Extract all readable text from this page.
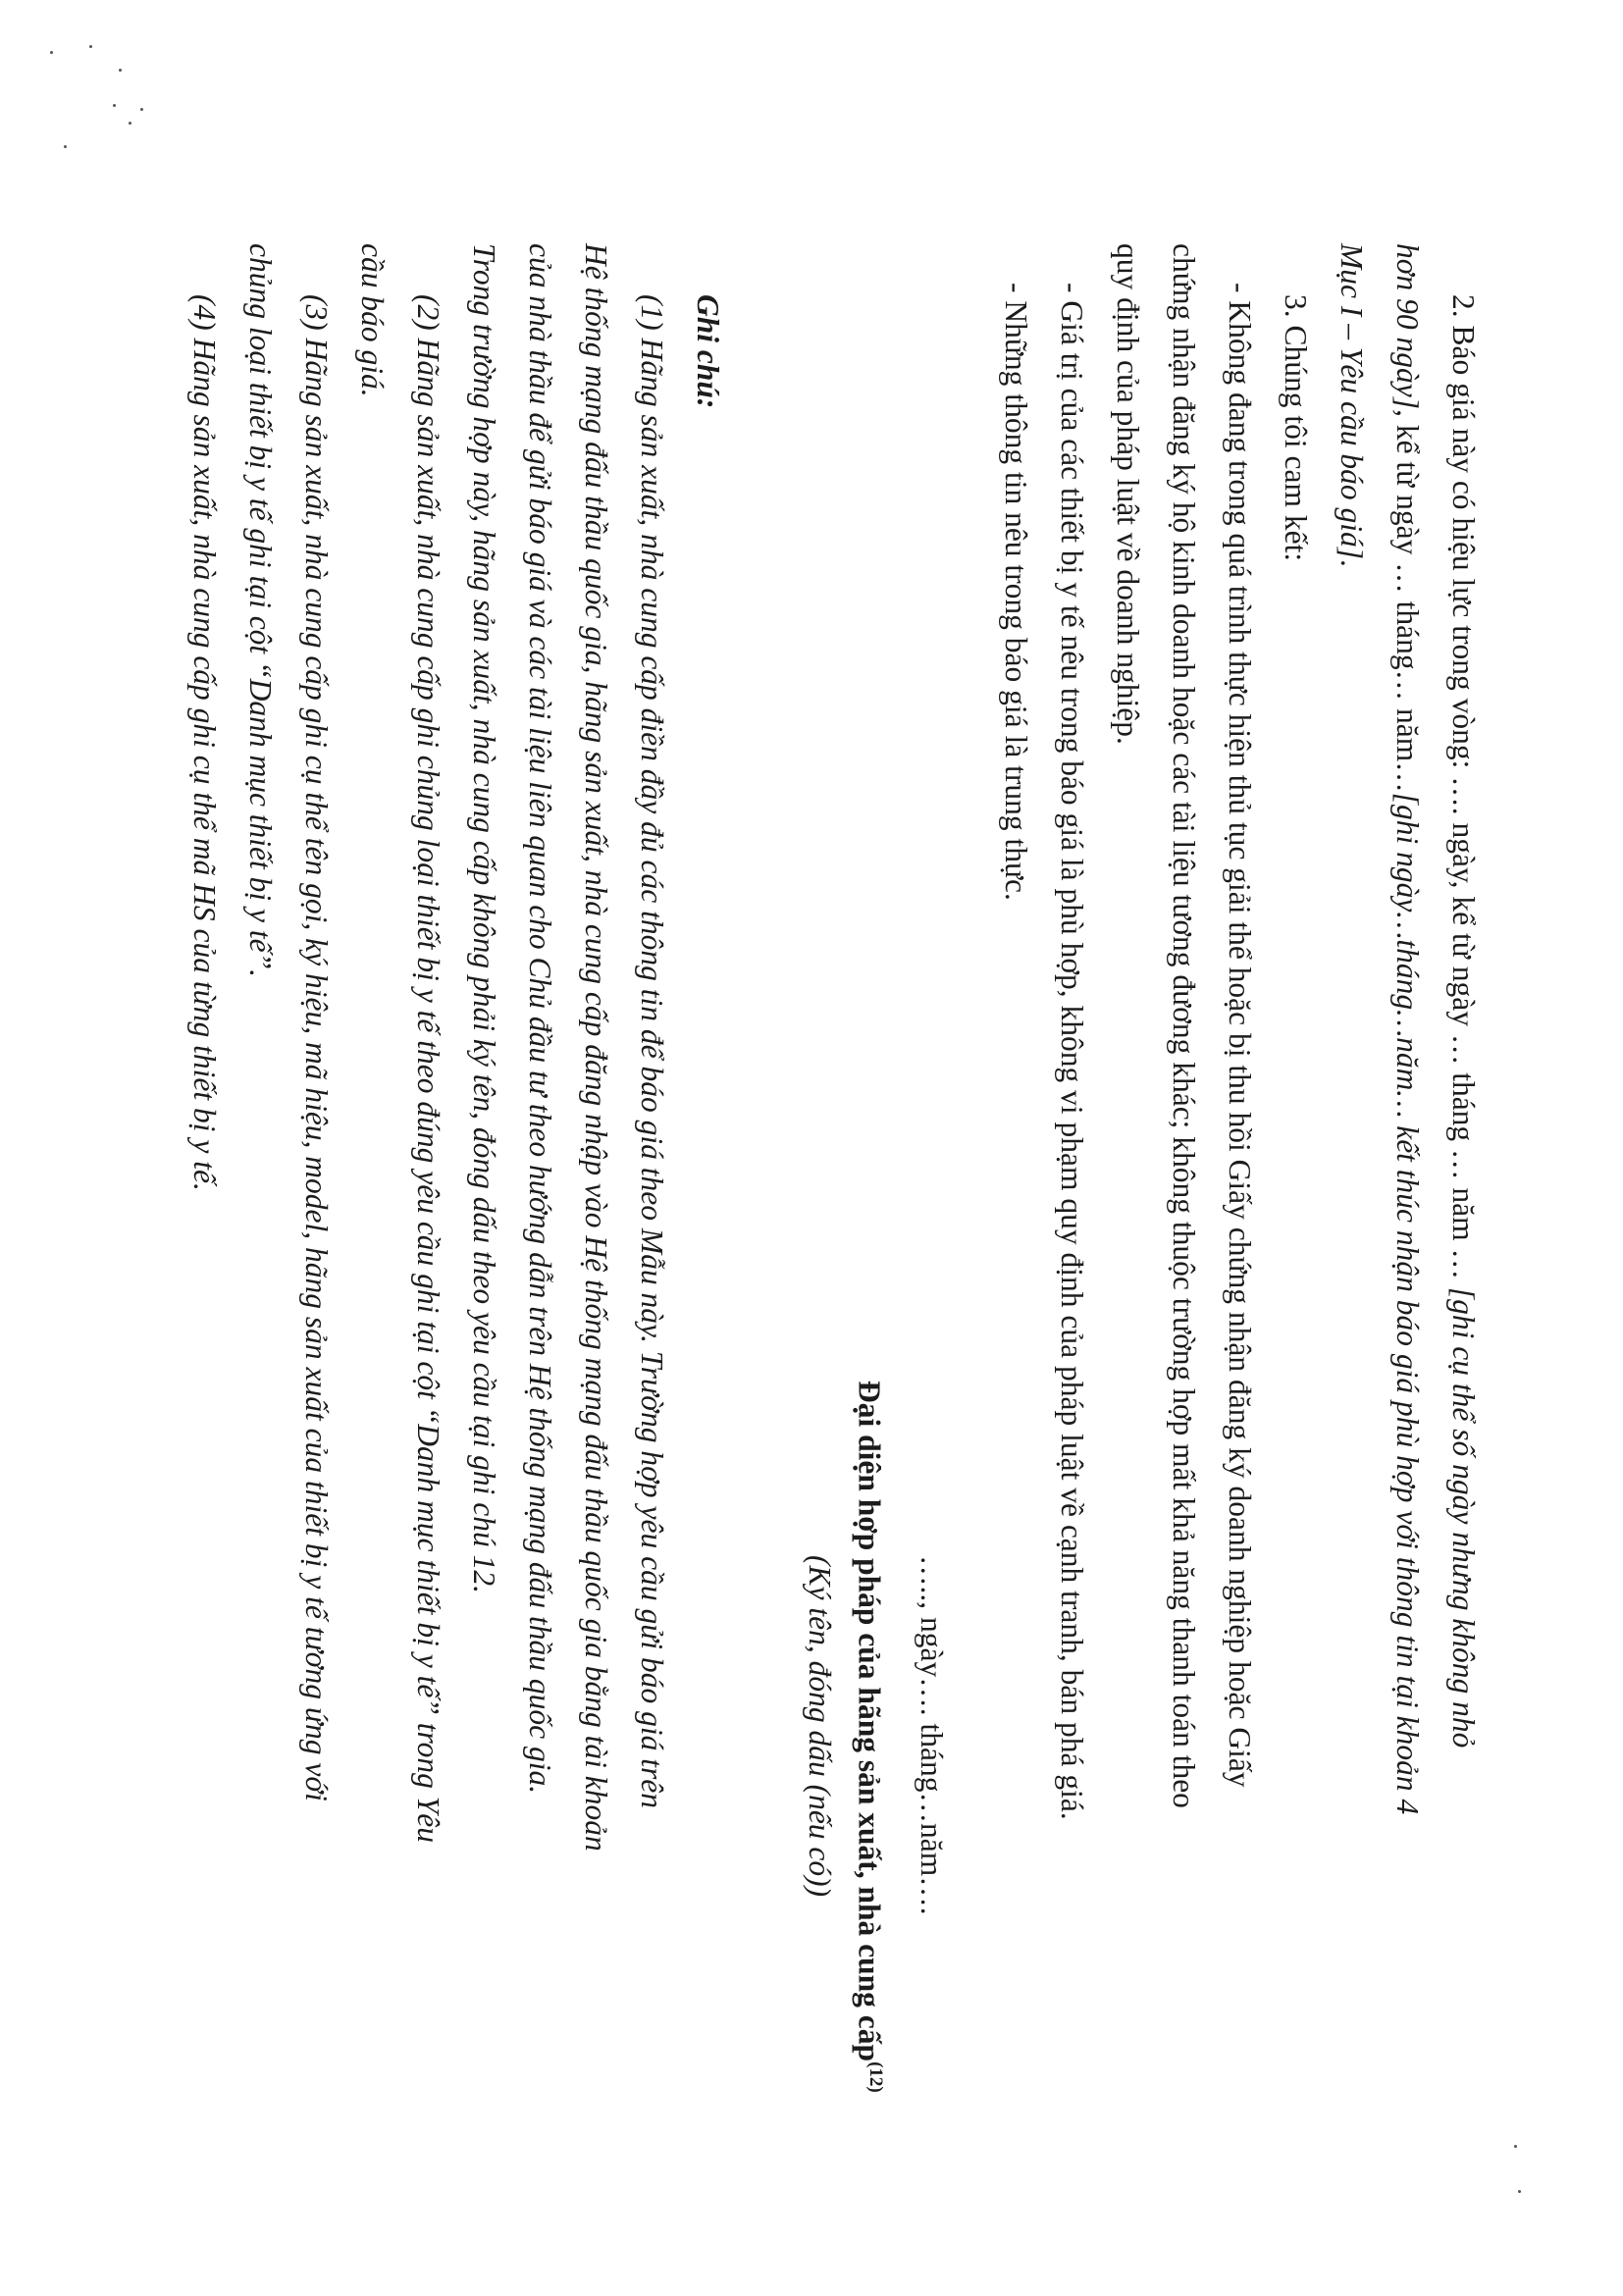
2. Báo giá này có hiệu lực trong vòng: …. ngày, kể từ ngày … tháng … năm … [ghi cụ thể số ngày nhưng không nhỏ
hơn 90 ngày], kể từ ngày … tháng… năm…[ghi ngày…tháng…năm… kết thúc nhận báo giá phù hợp với thông tin tại khoản 4
Mục I – Yêu cầu báo giá].
3. Chúng tôi cam kết:
- Không đang trong quá trình thực hiện thủ tục giải thể hoặc bị thu hồi Giấy chứng nhận đăng ký doanh nghiệp hoặc Giấy
chứng nhận đăng ký hộ kinh doanh hoặc các tài liệu tương đương khác; không thuộc trường hợp mất khả năng thanh toán theo
quy định của pháp luật về doanh nghiệp.
- Giá trị của các thiết bị y tế nêu trong báo giá là phù hợp, không vi phạm quy định của pháp luật về cạnh tranh, bán phá giá.
- Những thông tin nêu trong báo giá là trung thực.
….., ngày…. tháng…năm….
Đại diện hợp pháp của hãng sản xuất, nhà cung cấp$^{(12)}$
(Ký tên, đóng dấu (nếu có))
Ghi chú:
(1) Hãng sản xuất, nhà cung cấp điền đầy đủ các thông tin để báo giá theo Mẫu này. Trường hợp yêu cầu gửi báo giá trên
Hệ thống mạng đấu thầu quốc gia, hãng sản xuất, nhà cung cấp đăng nhập vào Hệ thống mạng đấu thầu quốc gia bằng tài khoản
của nhà thầu để gửi báo giá và các tài liệu liên quan cho Chủ đầu tư theo hướng dẫn trên Hệ thống mạng đấu thầu quốc gia.
Trong trường hợp này, hãng sản xuất, nhà cung cấp không phải ký tên, đóng dấu theo yêu cầu tại ghi chú 12.
(2) Hãng sản xuất, nhà cung cấp ghi chủng loại thiết bị y tế theo đúng yêu cầu ghi tại cột “Danh mục thiết bị y tế” trong Yêu
cầu báo giá.
(3) Hãng sản xuất, nhà cung cấp ghi cụ thể tên gọi, ký hiệu, mã hiệu, model, hãng sản xuất của thiết bị y tế tương ứng với
chủng loại thiết bị y tế ghi tại cột “Danh mục thiết bị y tế”.
(4) Hãng sản xuất, nhà cung cấp ghi cụ thể mã HS của từng thiết bị y tế.
